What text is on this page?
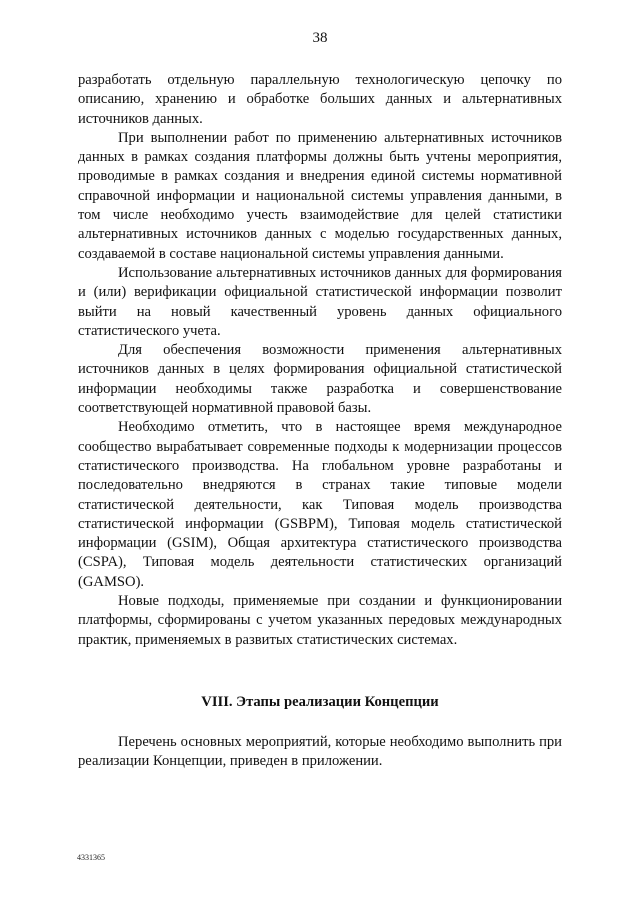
38

разработать отдельную параллельную технологическую цепочку по описанию, хранению и обработке больших данных и альтернативных источников данных.

При выполнении работ по применению альтернативных источников данных в рамках создания платформы должны быть учтены мероприятия, проводимые в рамках создания и внедрения единой системы нормативной справочной информации и национальной системы управления данными, в том числе необходимо учесть взаимодействие для целей статистики альтернативных источников данных с моделью государственных данных, создаваемой в составе национальной системы управления данными.

Использование альтернативных источников данных для формирования и (или) верификации официальной статистической информации позволит выйти на новый качественный уровень данных официального статистического учета.

Для обеспечения возможности применения альтернативных источников данных в целях формирования официальной статистической информации необходимы также разработка и совершенствование соответствующей нормативной правовой базы.

Необходимо отметить, что в настоящее время международное сообщество вырабатывает современные подходы к модернизации процессов статистического производства. На глобальном уровне разработаны и последовательно внедряются в странах такие типовые модели статистической деятельности, как Типовая модель производства статистической информации (GSBPM), Типовая модель статистической информации (GSIM), Общая архитектура статистического производства (CSPA), Типовая модель деятельности статистических организаций (GAMSO).

Новые подходы, применяемые при создании и функционировании платформы, сформированы с учетом указанных передовых международных практик, применяемых в развитых статистических системах.

VIII. Этапы реализации Концепции

Перечень основных мероприятий, которые необходимо выполнить при реализации Концепции, приведен в приложении.

4331365
